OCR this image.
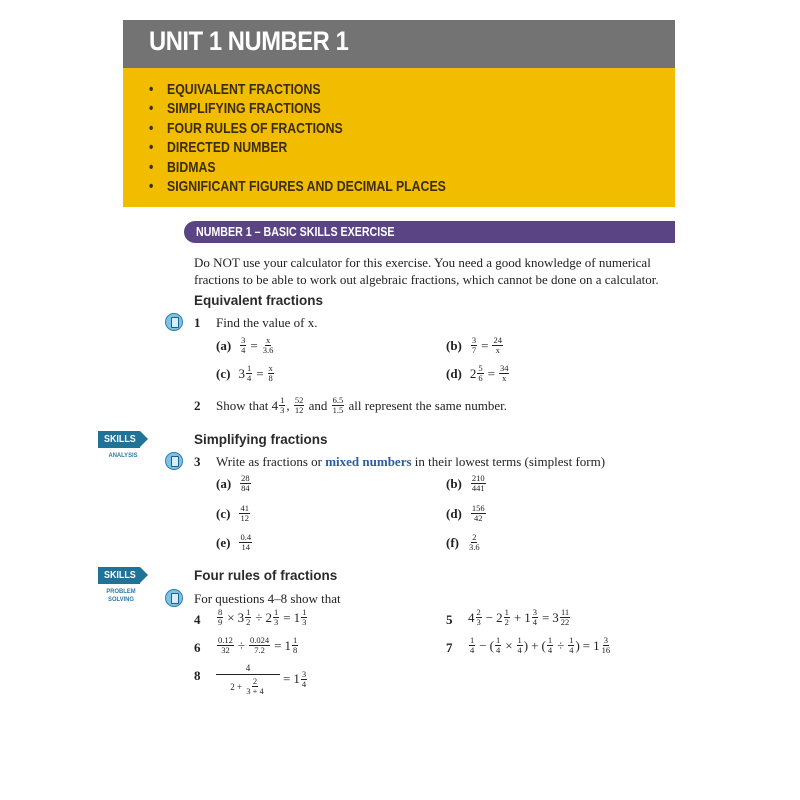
UNIT 1 NUMBER 1
• EQUIVALENT FRACTIONS
• SIMPLIFYING FRACTIONS
• FOUR RULES OF FRACTIONS
• DIRECTED NUMBER
• BIDMAS
• SIGNIFICANT FIGURES AND DECIMAL PLACES
NUMBER 1 – BASIC SKILLS EXERCISE
Do NOT use your calculator for this exercise. You need a good knowledge of numerical fractions to be able to work out algebraic fractions, which cannot be done on a calculator.
Equivalent fractions
1 Find the value of x.
$(a) \frac{3}{4} = \frac{x}{3.6}$	$(b) \frac{3}{7} = \frac{24}{x}$
(c) $3 \frac{1}{4} = \frac{x}{8}$	(d) $2 \frac{5}{6} = \frac{34}{x}$
2 Show that
$4 \frac{1}{3}$ ,
$\frac{52}{12}$
and
$\frac{6.5}{1.5}$
all represent the same number.
SKILLS
ANALYSIS
Simplifying fractions
3 Write as fractions or mixed numbers in their lowest terms (simplest form)
$(a) \frac{28}{84}$	$(b) \frac{210}{441}$
$(c) \frac{41}{12}$	$(d) \frac{156}{42}$
$(e) \frac{0.4}{14}$	$(f) \frac{2}{3.6}$
SKILLS
PROBLEM SOLVING
Four rules of fractions
For questions 4–8 show that
$4 \frac{8}{9} \times 3 \frac{1}{2} \div 2 \frac{1}{3} = 1 \frac{1}{3}$	5 $4 \frac{2}{3} - 2 \frac{1}{2} + 1 \frac{3}{4} = 3 \frac{11}{22}$
$6 \frac{0.12}{32} \div \frac{0.024}{7.2} = 1 \frac{1}{8}$	$7 \frac{1}{4}$ − ( $\frac{1}{4} \times \frac{1}{4}$ ) + ( $\frac{1}{4} \div \frac{1}{4}$ ) = $1 \frac{3}{16}$
8 4
2
+
$\frac{2}{3 + 4} = 1 \frac{3}{4}$
